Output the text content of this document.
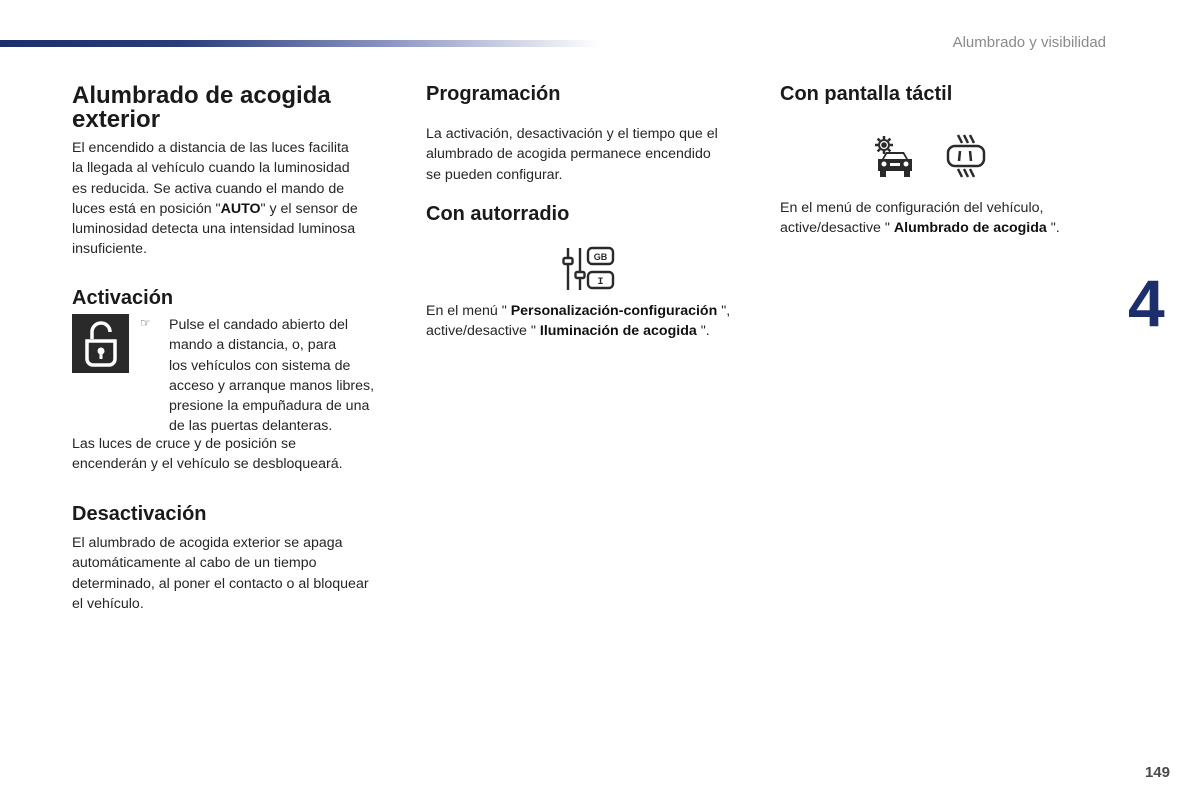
Alumbrado y visibilidad
4
149
Alumbrado de acogida exterior

El encendido a distancia de las luces facilita
la llegada al vehículo cuando la luminosidad
es reducida. Se activa cuando el mando de
luces está en posición "AUTO" y el sensor de
luminosidad detecta una intensidad luminosa
insuficiente.

Activación
☞ Pulse el candado abierto del
mando a distancia, o, para
los vehículos con sistema de
acceso y arranque manos libres,
presione la empuñadura de una
de las puertas delanteras.

Las luces de cruce y de posición se
encenderán y el vehículo se desbloqueará.

Desactivación

El alumbrado de acogida exterior se apaga
automáticamente al cabo de un tiempo
determinado, al poner el contacto o al bloquear
el vehículo.

Programación

La activación, desactivación y el tiempo que el
alumbrado de acogida permanece encendido
se pueden configurar.

Con autorradio
GB
I

En el menú " Personalización-configuración ",
active/desactive " Iluminación de acogida ".

Con pantalla táctil

En el menú de configuración del vehículo,
active/desactive " Alumbrado de acogida ".
